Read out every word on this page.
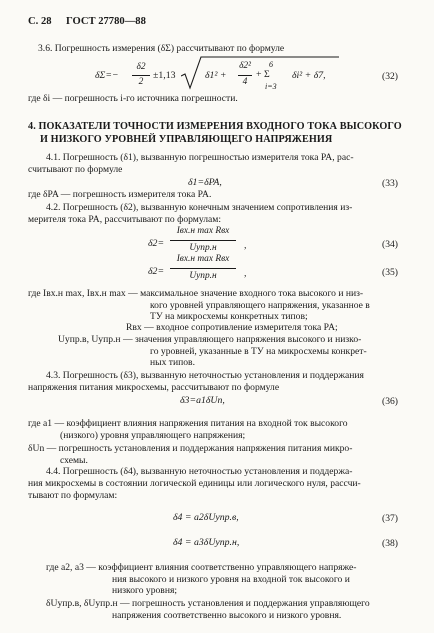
С. 28 ГОСТ 27780—88
3.6. Погрешность измерения (δΣ) рассчитывают по формуле
δΣ=−
δ2
2
±1,13	δ1² +
δ2²
4
6
+ Σ
i=3
δi² + δ7,	(32)
где δi — погрешность i-го источника погрешности.
4. ПОКАЗАТЕЛИ ТОЧНОСТИ ИЗМЕРЕНИЯ ВХОДНОГО ТОКА ВЫСОКОГО
И НИЗКОГО УРОВНЕЙ УПРАВЛЯЮЩЕГО НАПРЯЖЕНИЯ
4.1. Погрешность (δ1), вызванную погрешностью измерителя тока PA, рас-
считывают по формуле
δ1=δPA,	(33)
где δPA — погрешность измерителя тока PA.
4.2. Погрешность (δ2), вызванную конечным значением сопротивления из-
мерителя тока PA, рассчитывают по формулам:
δ2=
Iвх.н max Rвх
Uупр.н	,	(34)
δ2=
Iвх.н max Rвх
Uупр.н	,	(35)
где Iвх.н max, Iвх.н max — максимальное значение входного тока высокого и низ-
кого уровней управляющего напряжения, указанное в
ТУ на микросхемы конкретных типов;
Rвх — входное сопротивление измерителя тока PA;
Uупр.в, Uупр.н — значения управляющего напряжения высокого и низко-
го уровней, указанные в ТУ на микросхемы конкрет-
ных типов.
4.3. Погрешность (δ3), вызванную неточностью установления и поддержания
напряжения питания микросхемы, рассчитывают по формуле
δ3=a1δUn,	(36)
где a1 — коэффициент влияния напряжения питания на входной ток высокого
(низкого) уровня управляющего напряжения;
δUn — погрешность установления и поддержания напряжения питания микро-
схемы.
4.4. Погрешность (δ4), вызванную неточностью установления и поддержа-
ния микросхемы в состоянии логической единицы или логического нуля, рассчи-
тывают по формулам:
δ4 = a2δUупр.в,	(37)
δ4 = a3δUупр.н,	(38)
где a2, a3 — коэффициент влияния соответственно управляющего напряже-
ния высокого и низкого уровня на входной ток высокого и
низкого уровня;
δUупр.в, δUупр.н — погрешность установления и поддержания управляющего
напряжения соответственно высокого и низкого уровня.
